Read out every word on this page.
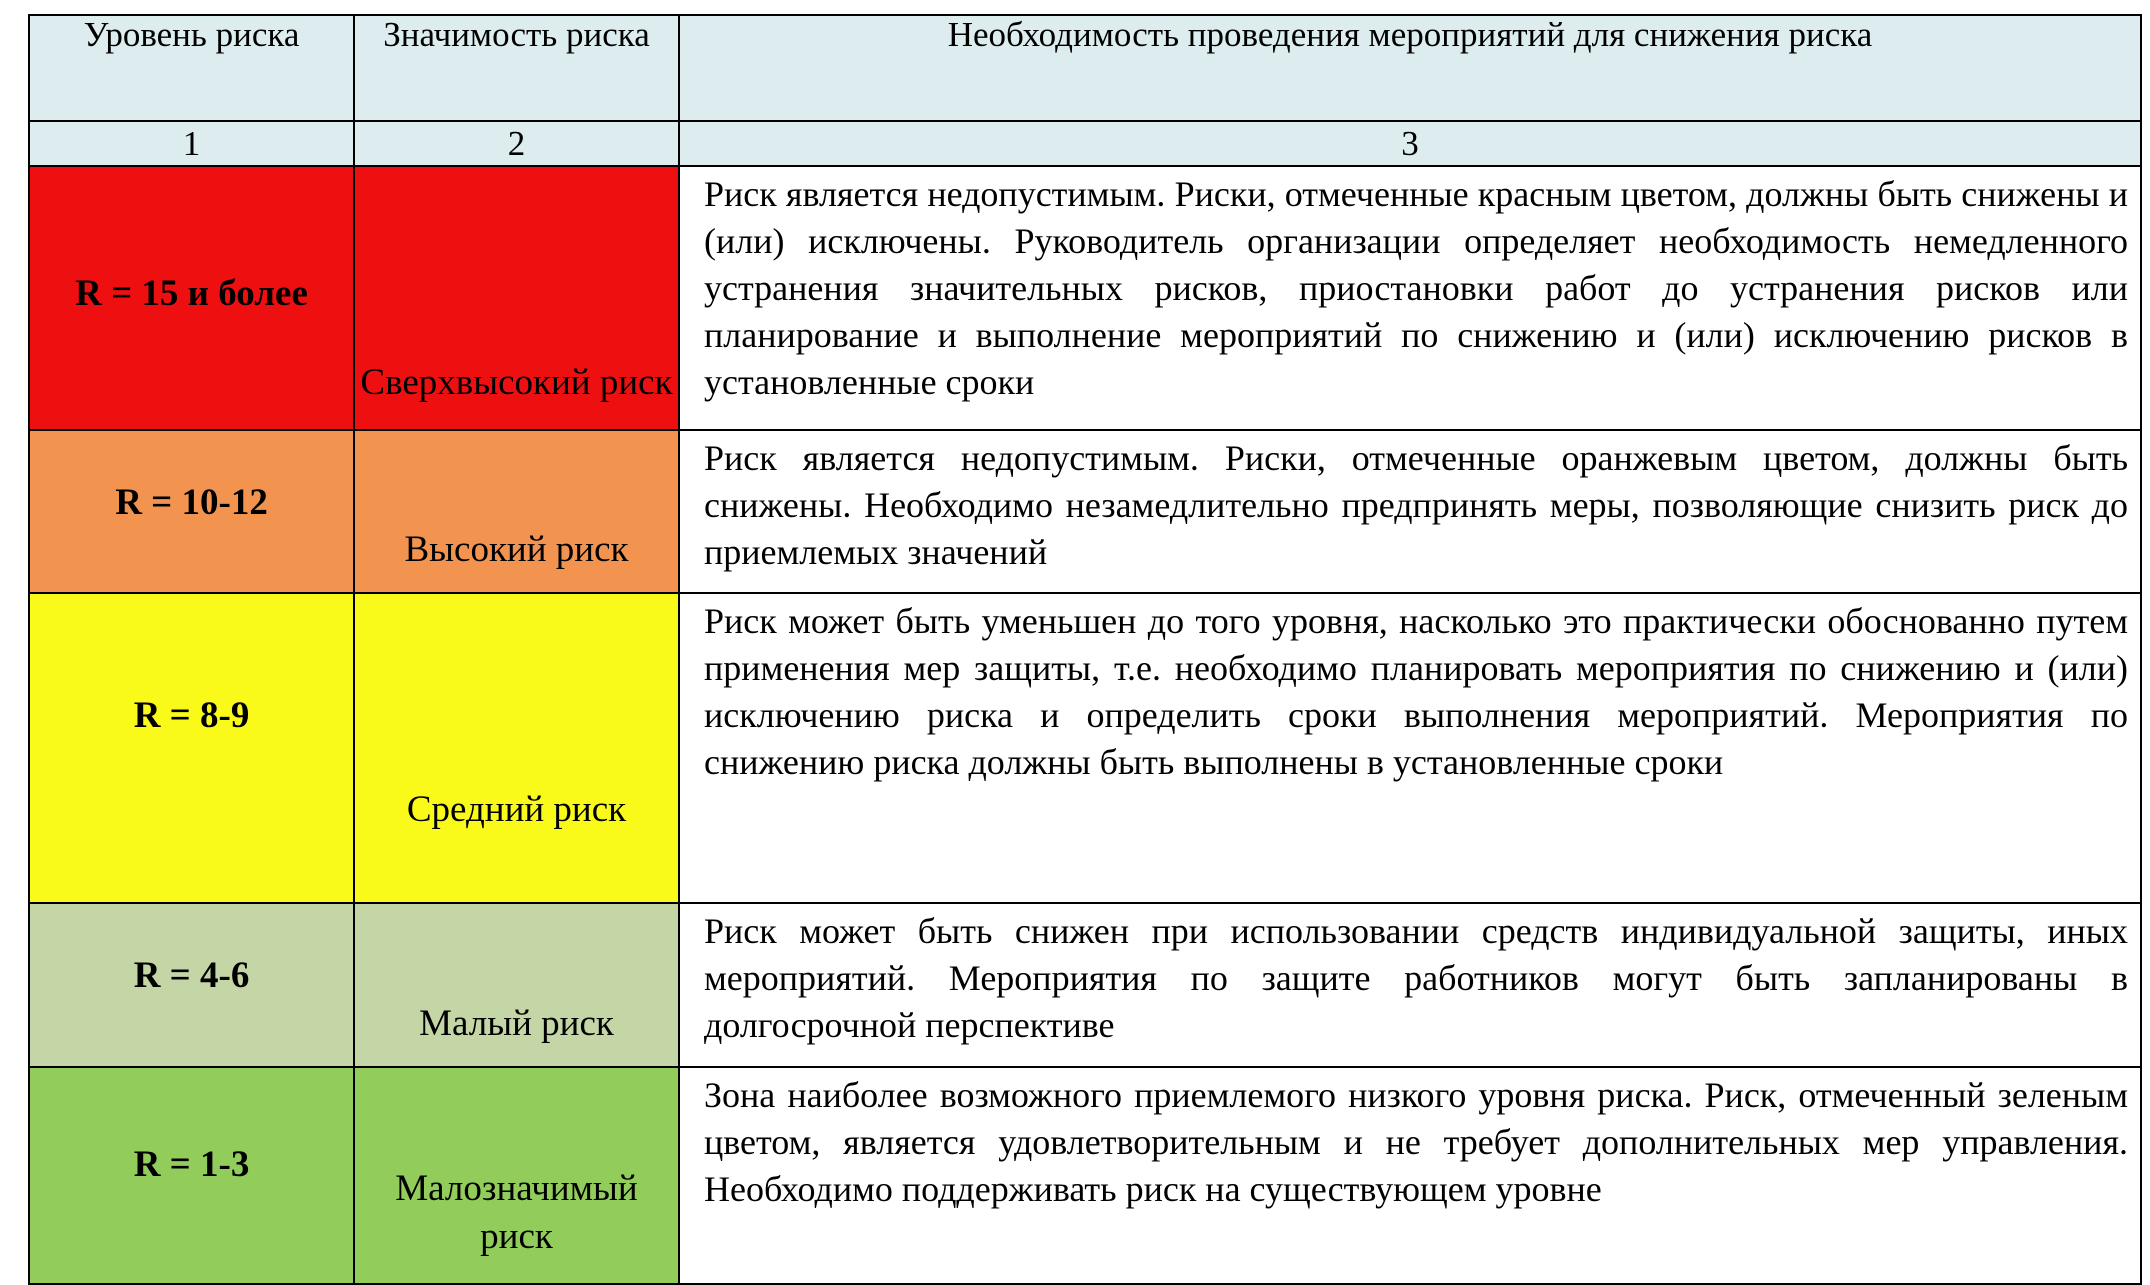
Уровень риска	Значимость риска	Необходимость проведения мероприятий для снижения риска
1	2	3

R = 15 и более	Сверхвысокий риск	Риск является недопустимым. Риски, отмеченные красным цветом, должны быть снижены и (или) исключены. Руководитель организации определяет необходимость немедленного устранения значительных рисков, приостановки работ до устранения рисков или планирование и выполнение мероприятий по снижению и (или) исключению рисков в установленные сроки

R = 10-12	Высокий риск	Риск является недопустимым. Риски, отмеченные оранжевым цветом, должны быть снижены. Необходимо незамедлительно предпринять меры, позволяющие снизить риск до приемлемых значений

R = 8-9	Средний риск	Риск может быть уменьшен до того уровня, насколько это практически обоснованно путем применения мер защиты, т.е. необходимо планировать мероприятия по снижению и (или) исключению риска и определить сроки выполнения мероприятий. Мероприятия по снижению риска должны быть выполнены в установленные сроки

R = 4-6	Малый риск	Риск может быть снижен при использовании средств индивидуальной защиты, иных мероприятий. Мероприятия по защите работников могут быть запланированы в долгосрочной перспективе

R = 1-3	Малозначимый риск	Зона наиболее возможного приемлемого низкого уровня риска. Риск, отмеченный зеленым цветом, является удовлетворительным и не требует дополнительных мер управления. Необходимо поддерживать риск на существующем уровне
